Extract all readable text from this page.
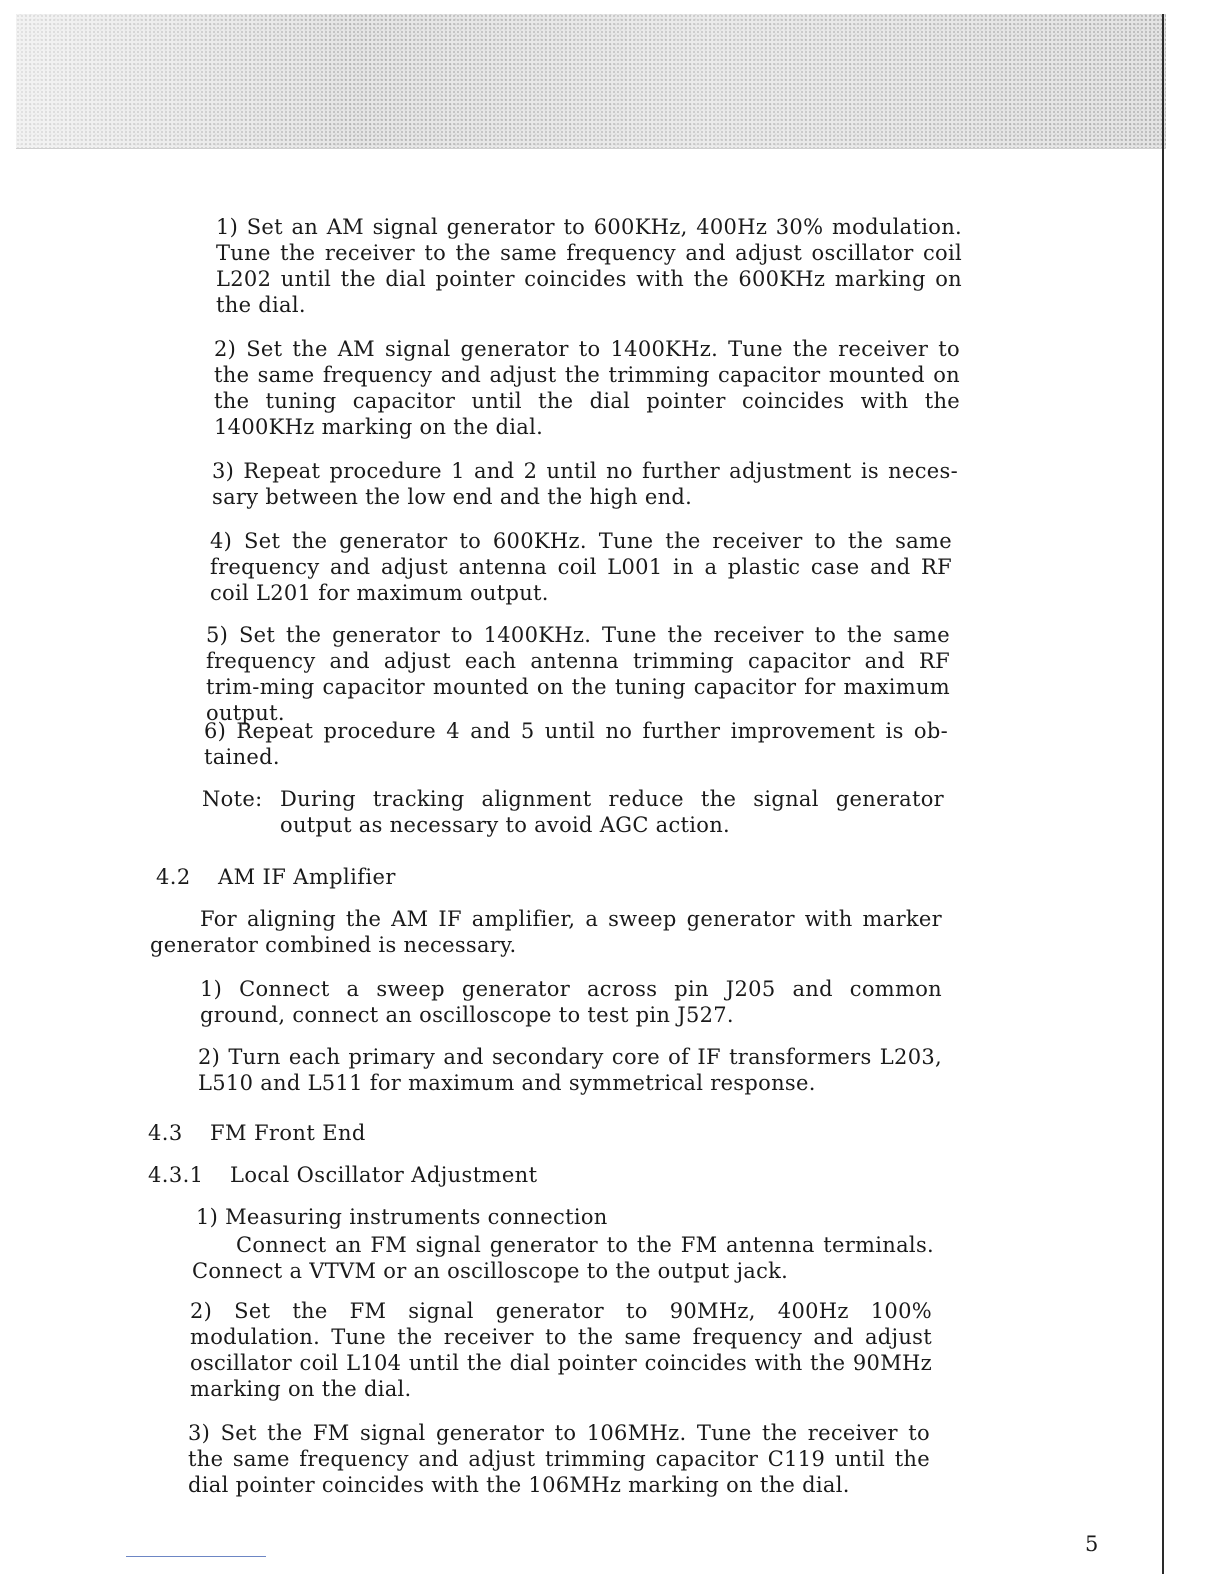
1) Set an AM signal generator to 600KHz, 400Hz 30% modulation. Tune the receiver to the same frequency and adjust oscillator coil L202 until the dial pointer coincides with the 600KHz marking on the dial.

2) Set the AM signal generator to 1400KHz. Tune the receiver to the same frequency and adjust the trimming capacitor mounted on the tuning capacitor until the dial pointer coincides with the 1400KHz marking on the dial.

3) Repeat procedure 1 and 2 until no further adjustment is neces-sary between the low end and the high end.

4) Set the generator to 600KHz. Tune the receiver to the same frequency and adjust antenna coil L001 in a plastic case and RF coil L201 for maximum output.

5) Set the generator to 1400KHz. Tune the receiver to the same frequency and adjust each antenna trimming capacitor and RF trim-ming capacitor mounted on the tuning capacitor for maximum output.

6) Repeat procedure 4 and 5 until no further improvement is ob-tained.

Note: During tracking alignment reduce the signal generator output as necessary to avoid AGC action.

4.2 AM IF Amplifier

For aligning the AM IF amplifier, a sweep generator with marker generator combined is necessary.

1) Connect a sweep generator across pin J205 and common ground, connect an oscilloscope to test pin J527.

2) Turn each primary and secondary core of IF transformers L203, L510 and L511 for maximum and symmetrical response.

4.3 FM Front End
4.3.1 Local Oscillator Adjustment

1) Measuring instruments connection

Connect an FM signal generator to the FM antenna terminals. Connect a VTVM or an oscilloscope to the output jack.

2) Set the FM signal generator to 90MHz, 400Hz 100% modulation. Tune the receiver to the same frequency and adjust oscillator coil L104 until the dial pointer coincides with the 90MHz marking on the dial.

3) Set the FM signal generator to 106MHz. Tune the receiver to the same frequency and adjust trimming capacitor C119 until the dial pointer coincides with the 106MHz marking on the dial.

5
